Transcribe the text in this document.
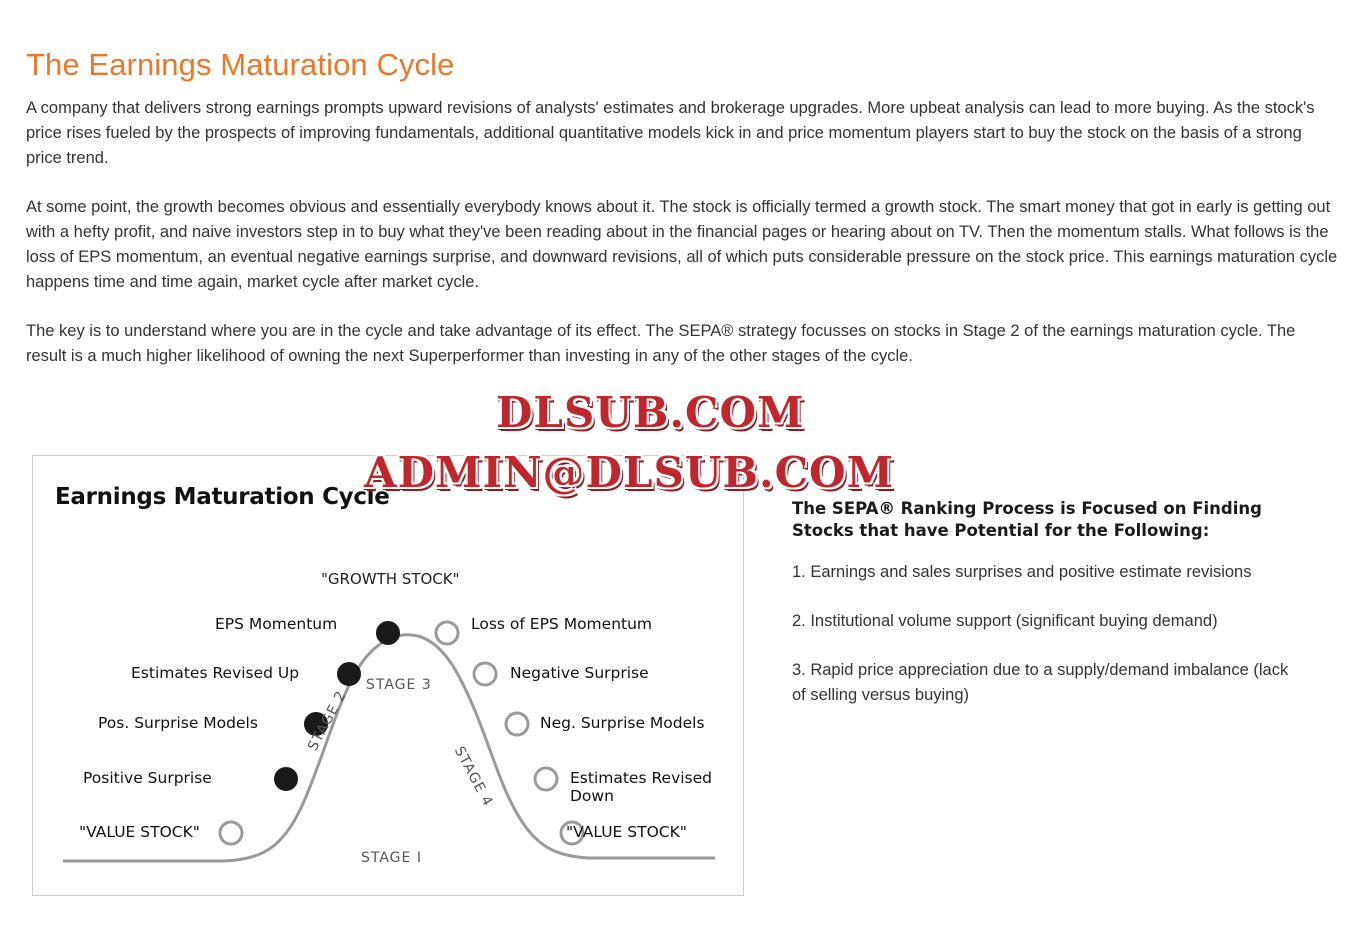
The Earnings Maturation Cycle

A company that delivers strong earnings prompts upward revisions of analysts' estimates and brokerage upgrades. More upbeat analysis can lead to more buying. As the stock's price rises fueled by the prospects of improving fundamentals, additional quantitative models kick in and price momentum players start to buy the stock on the basis of a strong price trend.

At some point, the growth becomes obvious and essentially everybody knows about it. The stock is officially termed a growth stock. The smart money that got in early is getting out with a hefty profit, and naive investors step in to buy what they've been reading about in the financial pages or hearing about on TV. Then the momentum stalls. What follows is the loss of EPS momentum, an eventual negative earnings surprise, and downward revisions, all of which puts considerable pressure on the stock price. This earnings maturation cycle happens time and time again, market cycle after market cycle.

The key is to understand where you are in the cycle and take advantage of its effect. The SEPA® strategy focusses on stocks in Stage 2 of the earnings maturation cycle. The result is a much higher likelihood of owning the next Superperformer than investing in any of the other stages of the cycle.

Earnings Maturation Cycle
"GROWTH STOCK"
EPS Momentum
Estimates Revised Up
Pos. Surprise Models
Positive Surprise
"VALUE STOCK"
Loss of EPS Momentum
Negative Surprise
Neg. Surprise Models
Estimates Revised Down
"VALUE STOCK"
STAGE I
STAGE 2
STAGE 3
STAGE 4

The SEPA® Ranking Process is Focused on Finding Stocks that have Potential for the Following:

1. Earnings and sales surprises and positive estimate revisions

2. Institutional volume support (significant buying demand)

3. Rapid price appreciation due to a supply/demand imbalance (lack of selling versus buying)

DLSUB.COM
ADMIN@DLSUB.COM
